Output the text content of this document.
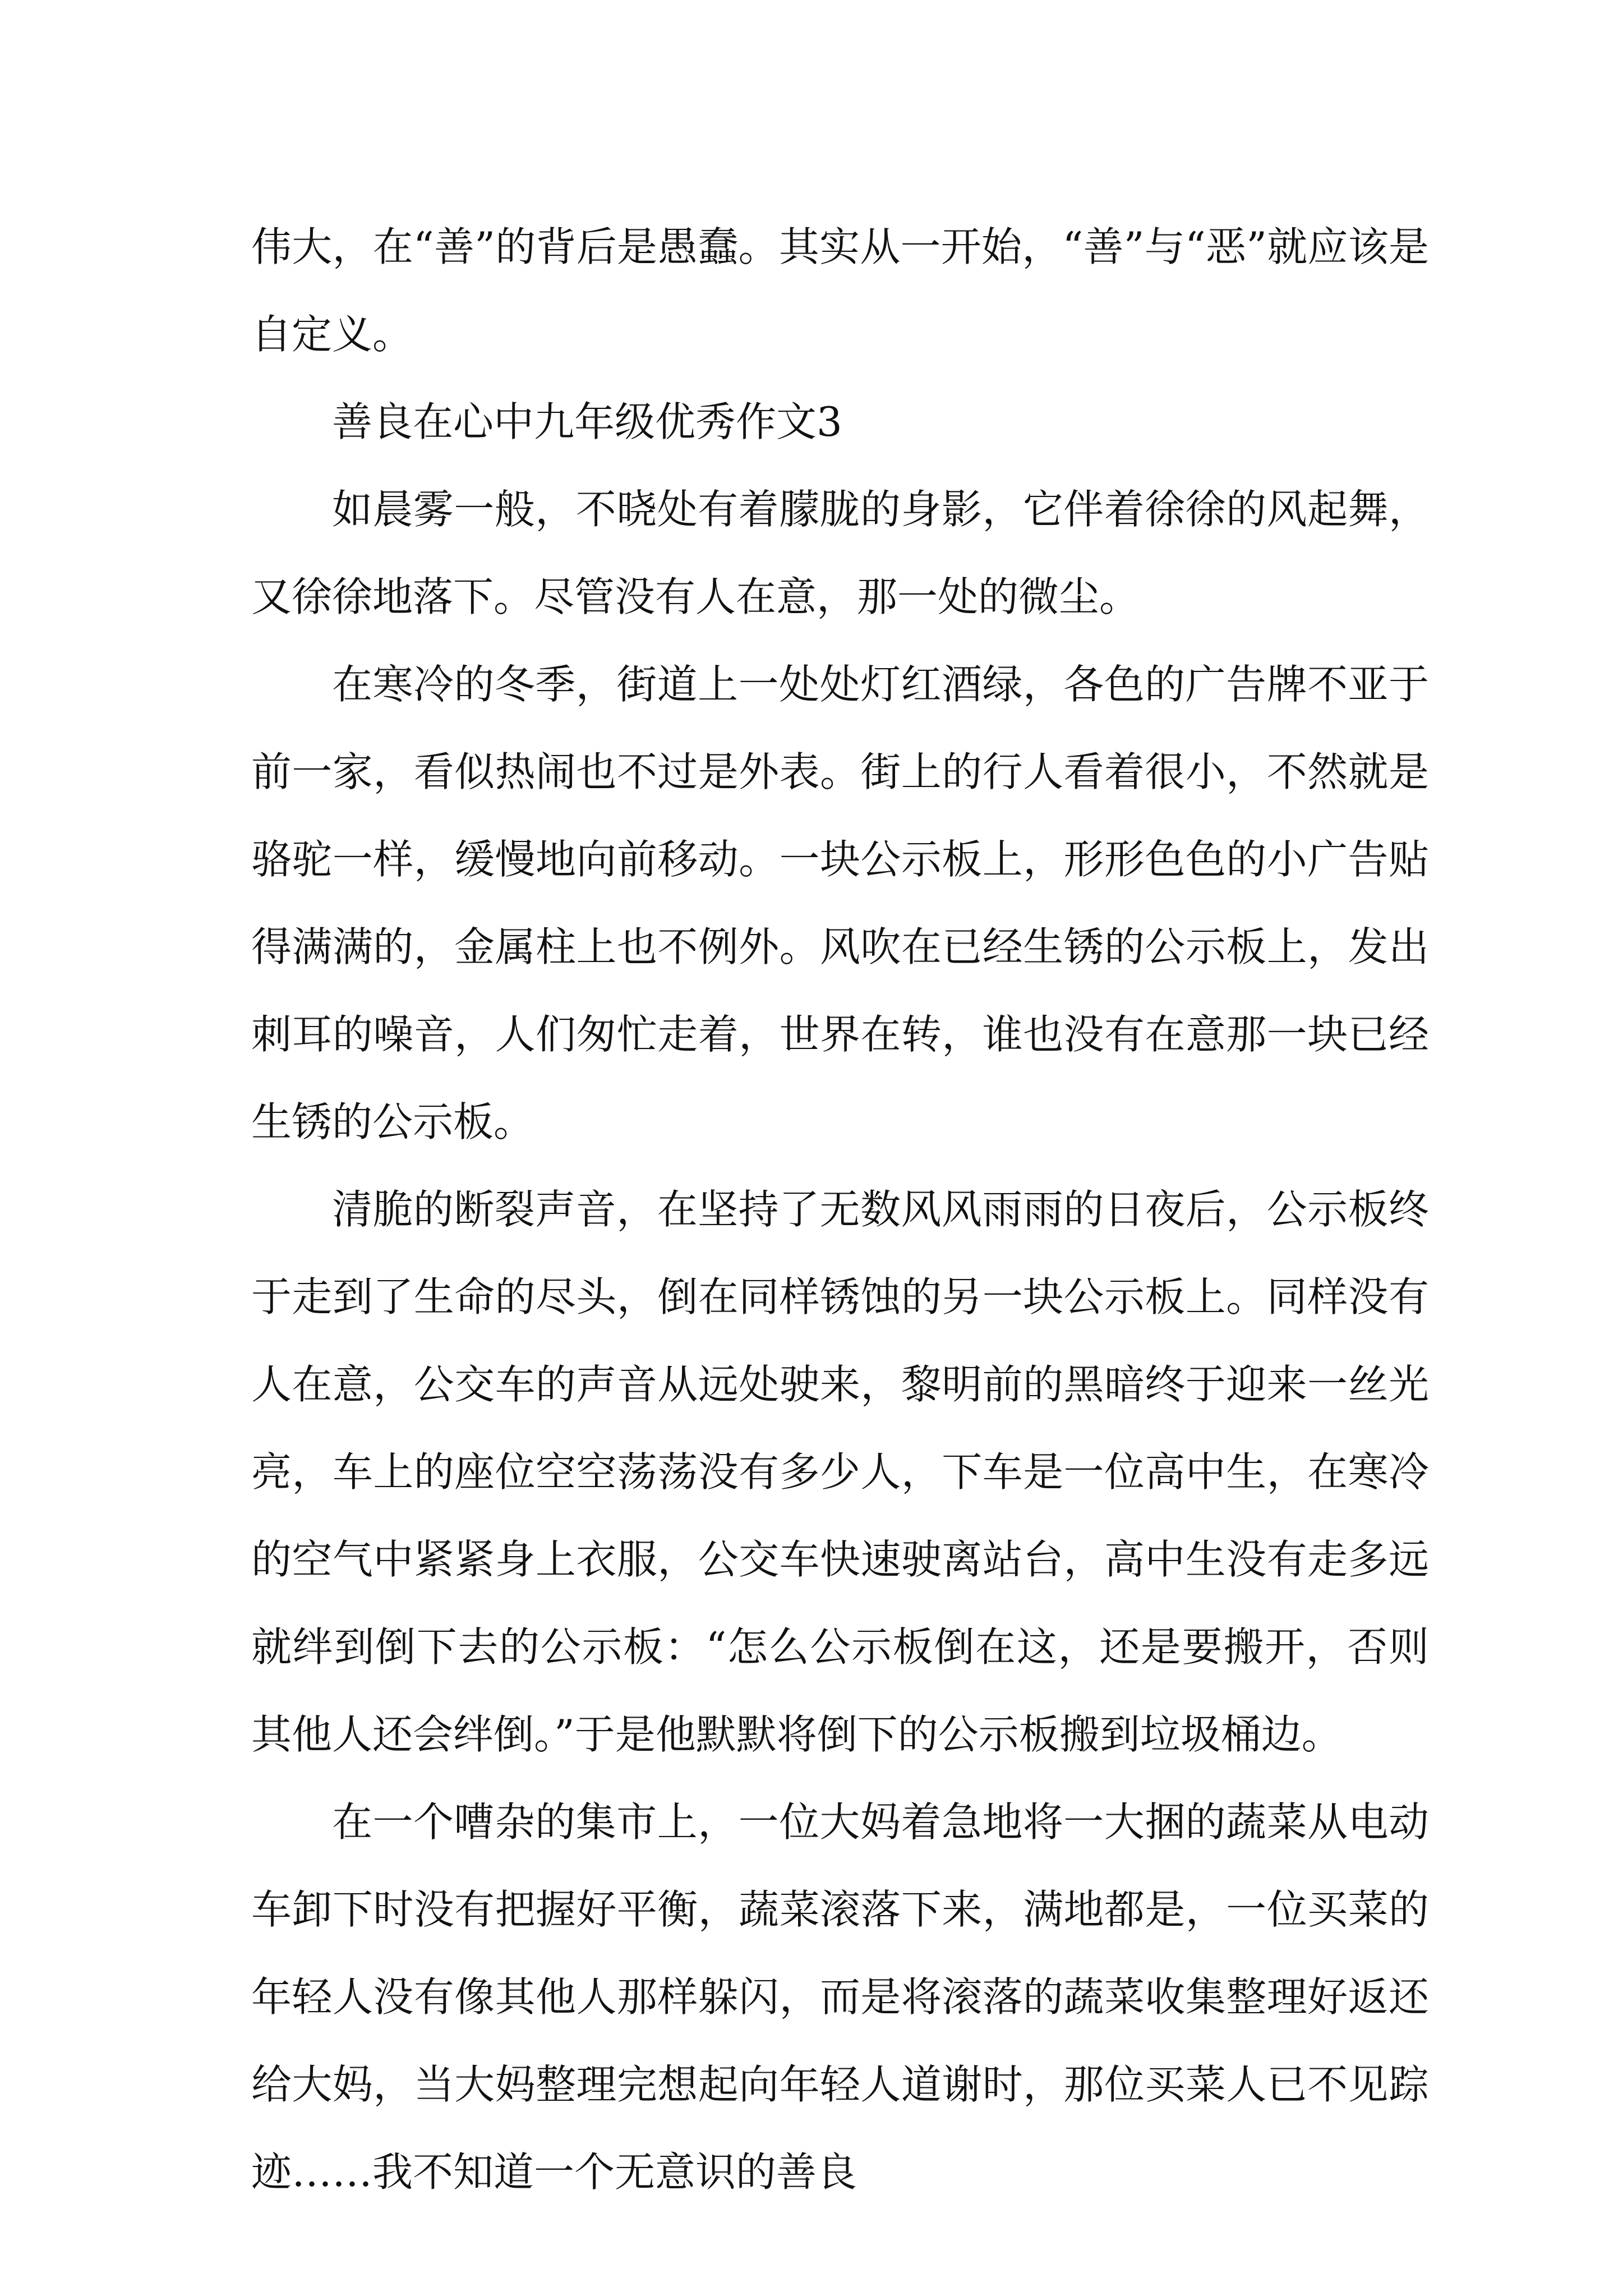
伟大，在“善”的背后是愚蠢。其实从一开始，“善”与“恶”就应该是自定义。

善良在心中九年级优秀作文3

如晨雾一般，不晓处有着朦胧的身影，它伴着徐徐的风起舞，又徐徐地落下。尽管没有人在意，那一处的微尘。

在寒冷的冬季，街道上一处处灯红酒绿，各色的广告牌不亚于前一家，看似热闹也不过是外表。街上的行人看着很小，不然就是骆驼一样，缓慢地向前移动。一块公示板上，形形色色的小广告贴得满满的，金属柱上也不例外。风吹在已经生锈的公示板上，发出刺耳的噪音，人们匆忙走着，世界在转，谁也没有在意那一块已经生锈的公示板。

清脆的断裂声音，在坚持了无数风风雨雨的日夜后，公示板终于走到了生命的尽头，倒在同样锈蚀的另一块公示板上。同样没有人在意，公交车的声音从远处驶来，黎明前的黑暗终于迎来一丝光亮，车上的座位空空荡荡没有多少人，下车是一位高中生，在寒冷的空气中紧紧身上衣服，公交车快速驶离站台，高中生没有走多远就绊到倒下去的公示板：“怎么公示板倒在这，还是要搬开，否则其他人还会绊倒。”于是他默默将倒下的公示板搬到垃圾桶边。

在一个嘈杂的集市上，一位大妈着急地将一大捆的蔬菜从电动车卸下时没有把握好平衡，蔬菜滚落下来，满地都是，一位买菜的年轻人没有像其他人那样躲闪，而是将滚落的蔬菜收集整理好返还给大妈，当大妈整理完想起向年轻人道谢时，那位买菜人已不见踪迹……我不知道一个无意识的善良
